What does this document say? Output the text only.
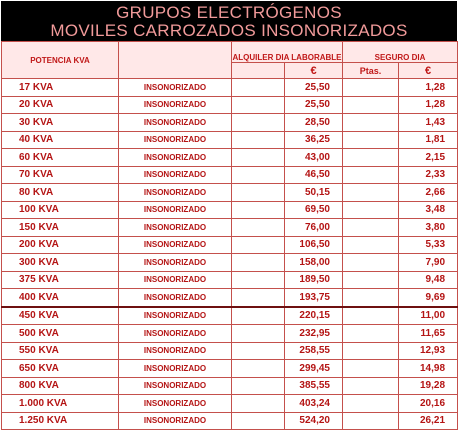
GRUPOS ELECTRÓGENOS
MOVILES CARROZADOS INSONORIZADOS
POTENCIA KVA		ALQUILER DIA LABORABLE		SEGURO DIA	
			€	Ptas.	€
17 KVA	INSONORIZADO		25,50		1,28
20 KVA	INSONORIZADO		25,50		1,28
30 KVA	INSONORIZADO		28,50		1,43
40 KVA	INSONORIZADO		36,25		1,81
60 KVA	INSONORIZADO		43,00		2,15
70 KVA	INSONORIZADO		46,50		2,33
80 KVA	INSONORIZADO		50,15		2,66
100 KVA	INSONORIZADO		69,50		3,48
150 KVA	INSONORIZADO		76,00		3,80
200 KVA	INSONORIZADO		106,50		5,33
300 KVA	INSONORIZADO		158,00		7,90
375 KVA	INSONORIZADO		189,50		9,48
400 KVA	INSONORIZADO		193,75		9,69
450 KVA	INSONORIZADO		220,15		11,00
500 KVA	INSONORIZADO		232,95		11,65
550 KVA	INSONORIZADO		258,55		12,93
650 KVA	INSONORIZADO		299,45		14,98
800 KVA	INSONORIZADO		385,55		19,28
1.000 KVA	INSONORIZADO		403,24		20,16
1.250 KVA	INSONORIZADO		524,20		26,21
